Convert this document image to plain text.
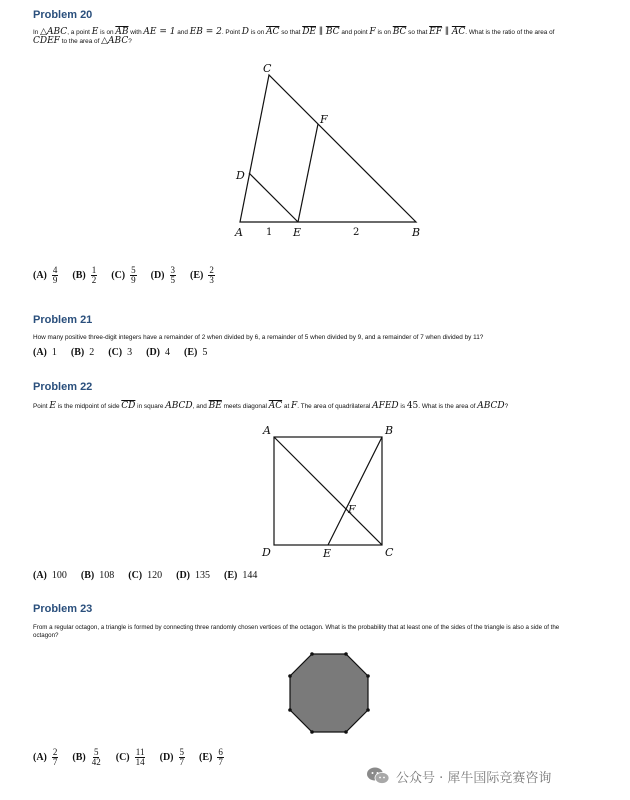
Problem 20
In △ABC, a point E is on $\overline{AB}$ with AE = 1 and EB = 2. Point D is on $\overline{AC}$ so that $\overline{DE}$ ∥ $\overline{BC}$ and point F is on $\overline{BC}$ so that $\overline{EF}$ ∥ $\overline{AC}$. What is the ratio of the area of
CDEF to the area of △ABC?
C
F
D
A 1 E	2	B
A	B
F
D	E	C
$(A) \frac{4}{9} (B) \frac{1}{2} (C) \frac{5}{9} (D) \frac{3}{5} (E) \frac{2}{3}$
Problem 21
How many positive three-digit integers have a remainder of 2 when divided by 6, a remainder of 5 when divided by 9, and a remainder of 7 when divided by 11?
(A) 1 (B) 2 (C) 3 (D) 4 (E) 5
Problem 22
Point E is the midpoint of side $\overline{CD}$ in square ABCD, and $\overline{BE}$ meets diagonal $\overline{AC}$ at F. The area of quadrilateral AFED is 45. What is the area of ABCD?
(A) 100 (B) 108 (C) 120 (D) 135 (E) 144
Problem 23
From a regular octagon, a triangle is formed by connecting three randomly chosen vertices of the octagon. What is the probability that at least one of the sides of the triangle is also a side of the
octagon?
$(A) \frac{2}{7} (B) \frac{5}{42} (C) \frac{11}{14} (D) \frac{5}{7} (E) \frac{6}{7}$
公众号 · 犀牛国际竞赛咨询
